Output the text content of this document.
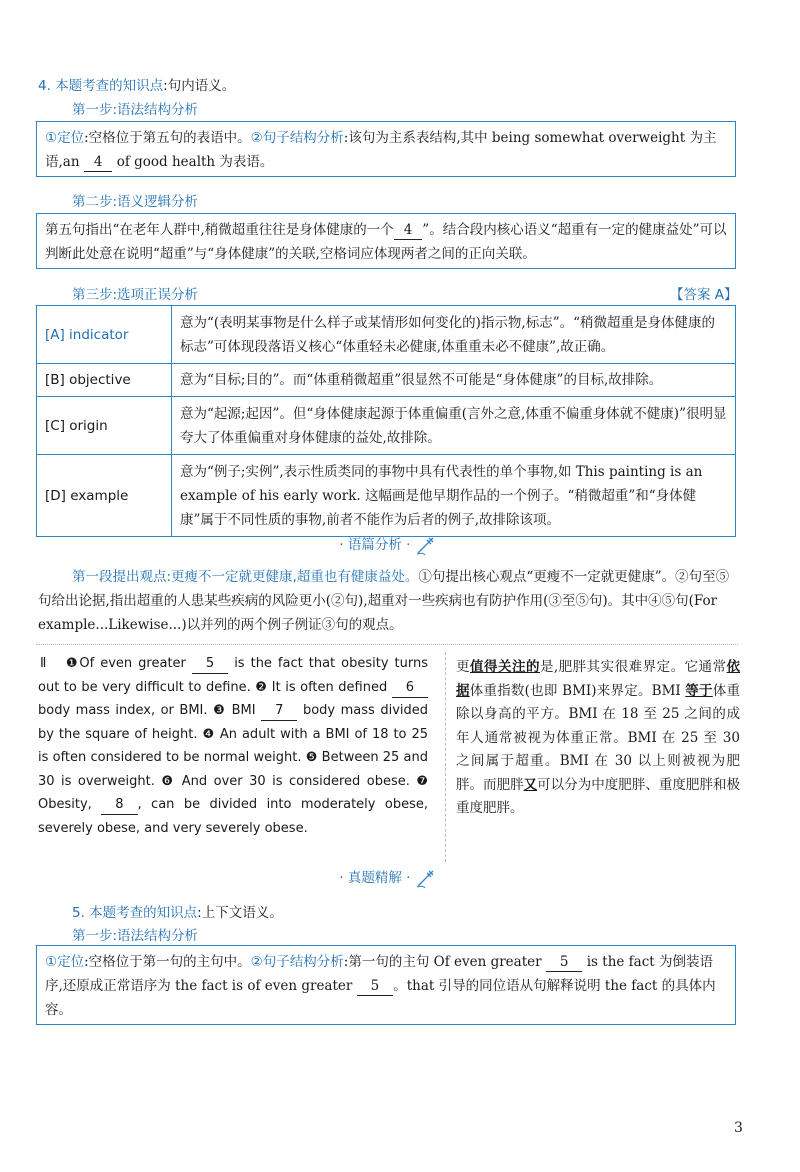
4. 本题考查的知识点:句内语义。
第一步:语法结构分析
①定位:空格位于第五句的表语中。②句子结构分析:该句为主系表结构,其中 being somewhat overweight 为主语,an 4 of good health 为表语。
第二步:语义逻辑分析
第五句指出“在老年人群中,稍微超重往往是身体健康的一个 4 ”。结合段内核心语义“超重有一定的健康益处”可以判断此处意在说明“超重”与“身体健康”的关联,空格词应体现两者之间的正向关联。
第三步:选项正误分析	【答案 A】
[A] indicator	意为“(表明某事物是什么样子或某情形如何变化的)指示物,标志”。“稍微超重是身体健康的标志”可体现段落语义核心“体重轻未必健康,体重重未必不健康”,故正确。
[B] objective	意为“目标;目的”。而“体重稍微超重”很显然不可能是“身体健康”的目标,故排除。
[C] origin	意为“起源;起因”。但“身体健康起源于体重偏重(言外之意,体重不偏重身体就不健康)”很明显夸大了体重偏重对身体健康的益处,故排除。
[D] example	意为“例子;实例”,表示性质类同的事物中具有代表性的单个事物,如 This painting is an example of his early work. 这幅画是他早期作品的一个例子。“稍微超重”和“身体健康”属于不同性质的事物,前者不能作为后者的例子,故排除该项。
· 语篇分析 ·
第一段提出观点:更瘦不一定就更健康,超重也有健康益处。①句提出核心观点“更瘦不一定就更健康”。②句至⑤句给出论据,指出超重的人患某些疾病的风险更小(②句),超重对一些疾病也有防护作用(③至⑤句)。其中④⑤句(For example...Likewise...)以并列的两个例子例证③句的观点。
Ⅱ ❶Of even greater 5 is the fact that obesity turns out to be very difficult to define. ❷ It is often defined 6 body mass index, or BMI. ❸ BMI 7 body mass divided by the square of height. ❹ An adult with a BMI of 18 to 25 is often considered to be normal weight. ❺ Between 25 and 30 is overweight. ❻ And over 30 is considered obese. ❼ Obesity, 8 , can be divided into moderately obese, severely obese, and very severely obese.
更值得关注的是,肥胖其实很难界定。它通常依据体重指数(也即 BMI)来界定。BMI 等于体重除以身高的平方。BMI 在 18 至 25 之间的成年人通常被视为体重正常。BMI 在 25 至 30 之间属于超重。BMI 在 30 以上则被视为肥胖。而肥胖又可以分为中度肥胖、重度肥胖和极重度肥胖。
· 真题精解 ·
5. 本题考查的知识点:上下文语义。
第一步:语法结构分析
①定位:空格位于第一句的主句中。②句子结构分析:第一句的主句 Of even greater 5 is the fact 为倒装语序,还原成正常语序为 the fact is of even greater 5 。that 引导的同位语从句解释说明 the fact 的具体内容。
3
